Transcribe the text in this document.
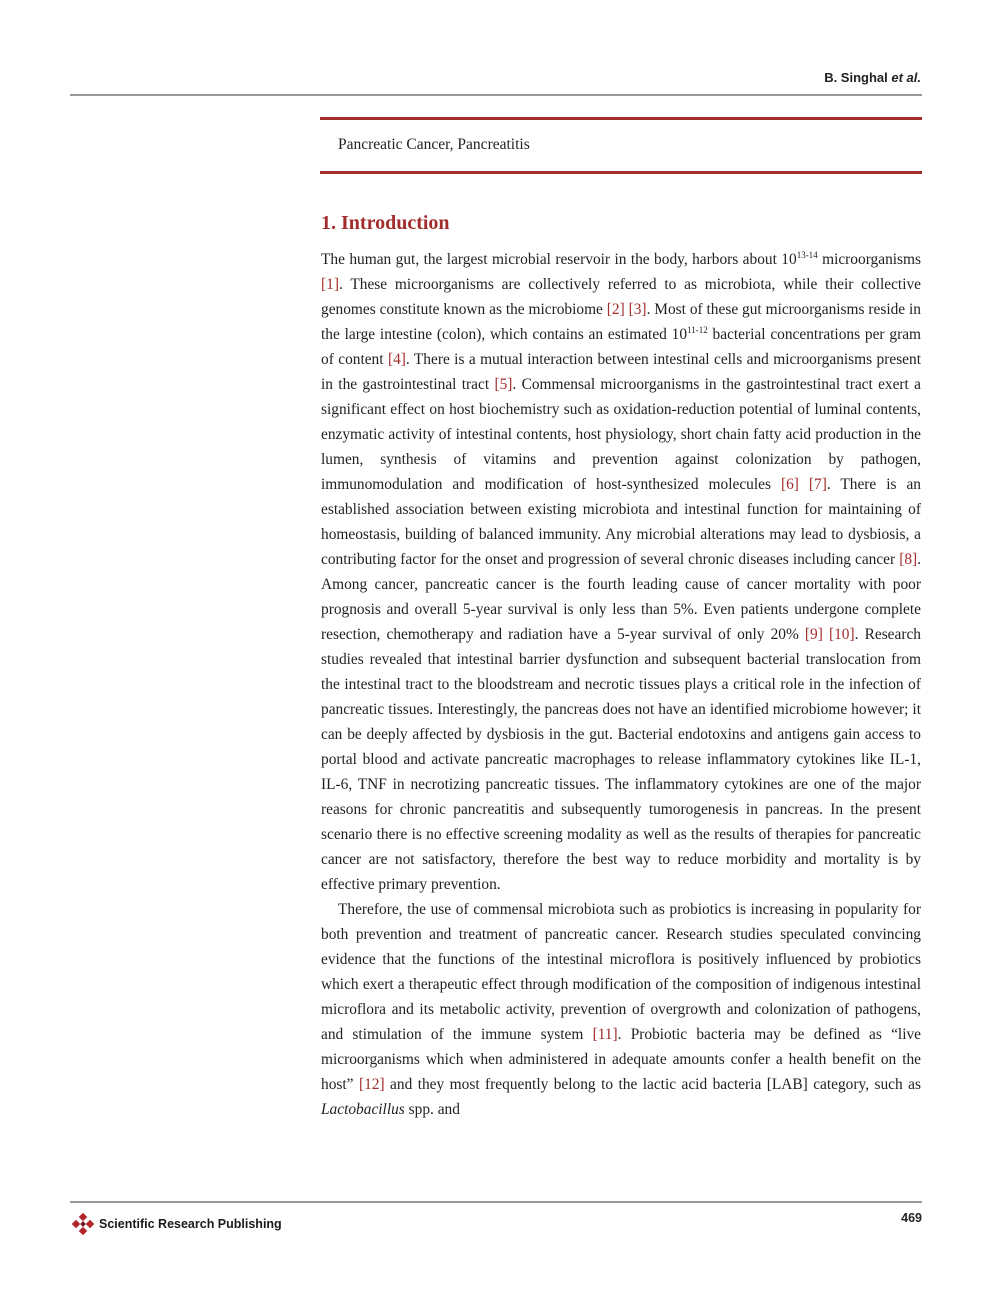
B. Singhal et al.
Pancreatic Cancer, Pancreatitis
1. Introduction

The human gut, the largest microbial reservoir in the body, harbors about 10$^{13-14}$ microorganisms [1]. These microorganisms are collectively referred to as microbiota, while their collective genomes constitute known as the microbiome [2] [3]. Most of these gut microorganisms reside in the large intestine (colon), which contains an estimated 10$^{11-12}$ bacterial concentrations per gram of content [4]. There is a mutual interaction between intestinal cells and microorganisms present in the gastrointestinal tract [5]. Commensal microorganisms in the gastrointestinal tract exert a significant effect on host biochemistry such as oxidation-reduction potential of luminal contents, enzymatic activity of intestinal contents, host physiology, short chain fatty acid production in the lumen, synthesis of vitamins and prevention against colonization by pathogen, immunomodulation and modification of host-synthesized molecules [6] [7]. There is an established association between existing microbiota and intestinal function for maintaining of homeostasis, building of balanced immunity. Any microbial alterations may lead to dysbiosis, a contributing factor for the onset and progression of several chronic diseases including cancer [8]. Among cancer, pancreatic cancer is the fourth leading cause of cancer mortality with poor prognosis and overall 5-year survival is only less than 5%. Even patients undergone complete resection, chemotherapy and radiation have a 5-year survival of only 20% [9] [10]. Research studies revealed that intestinal barrier dysfunction and subsequent bacterial translocation from the intestinal tract to the bloodstream and necrotic tissues plays a critical role in the infection of pancreatic tissues. Interestingly, the pancreas does not have an identified microbiome however; it can be deeply affected by dysbiosis in the gut. Bacterial endotoxins and antigens gain access to portal blood and activate pancreatic macrophages to release inflammatory cytokines like IL-1, IL-6, TNF in necrotizing pancreatic tissues. The inflammatory cytokines are one of the major reasons for chronic pancreatitis and subsequently tumorogenesis in pancreas. In the present scenario there is no effective screening modality as well as the results of therapies for pancreatic cancer are not satisfactory, therefore the best way to reduce morbidity and mortality is by effective primary prevention.

Therefore, the use of commensal microbiota such as probiotics is increasing in popularity for both prevention and treatment of pancreatic cancer. Research studies speculated convincing evidence that the functions of the intestinal microflora is positively influenced by probiotics which exert a therapeutic effect through modification of the composition of indigenous intestinal microflora and its metabolic activity, prevention of overgrowth and colonization of pathogens, and stimulation of the immune system [11]. Probiotic bacteria may be defined as “live microorganisms which when administered in adequate amounts confer a health benefit on the host” [12] and they most frequently belong to the lactic acid bacteria [LAB] category, such as Lactobacillus spp. and

Scientific Research Publishing	469
